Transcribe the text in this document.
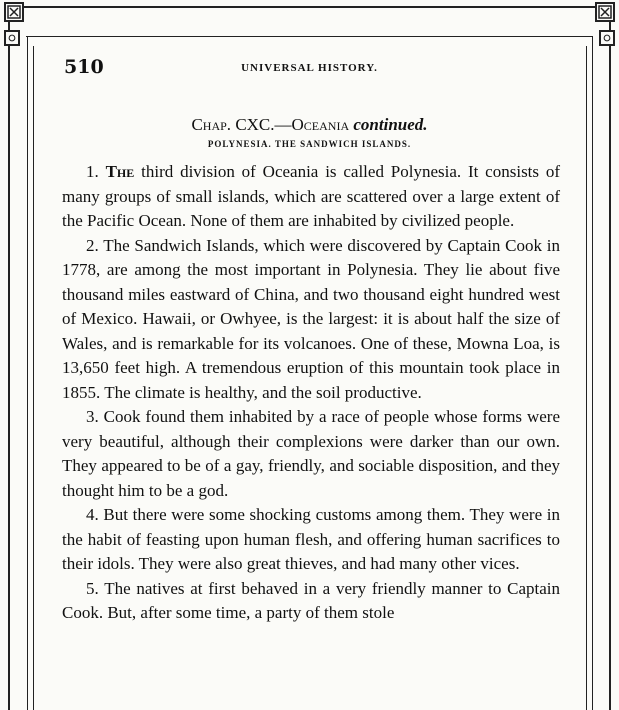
510	UNIVERSAL HISTORY.
Chap. CXC.—Oceania continued.
POLYNESIA. THE SANDWICH ISLANDS.

1. The third division of Oceania is called Polynesia. It consists of many groups of small islands, which are scattered over a large extent of the Pacific Ocean. None of them are inhabited by civilized people.

2. The Sandwich Islands, which were discovered by Captain Cook in 1778, are among the most important in Polynesia. They lie about five thousand miles eastward of China, and two thousand eight hundred west of Mexico. Hawaii, or Owhyee, is the largest: it is about half the size of Wales, and is remarkable for its volcanoes. One of these, Mowna Loa, is 13,650 feet high. A tremendous eruption of this mountain took place in 1855. The climate is healthy, and the soil productive.

3. Cook found them inhabited by a race of people whose forms were very beautiful, although their complexions were darker than our own. They appeared to be of a gay, friendly, and sociable disposition, and they thought him to be a god.

4. But there were some shocking customs among them. They were in the habit of feasting upon human flesh, and offering human sacrifices to their idols. They were also great thieves, and had many other vices.

5. The natives at first behaved in a very friendly manner to Captain Cook. But, after some time, a party of them stole
